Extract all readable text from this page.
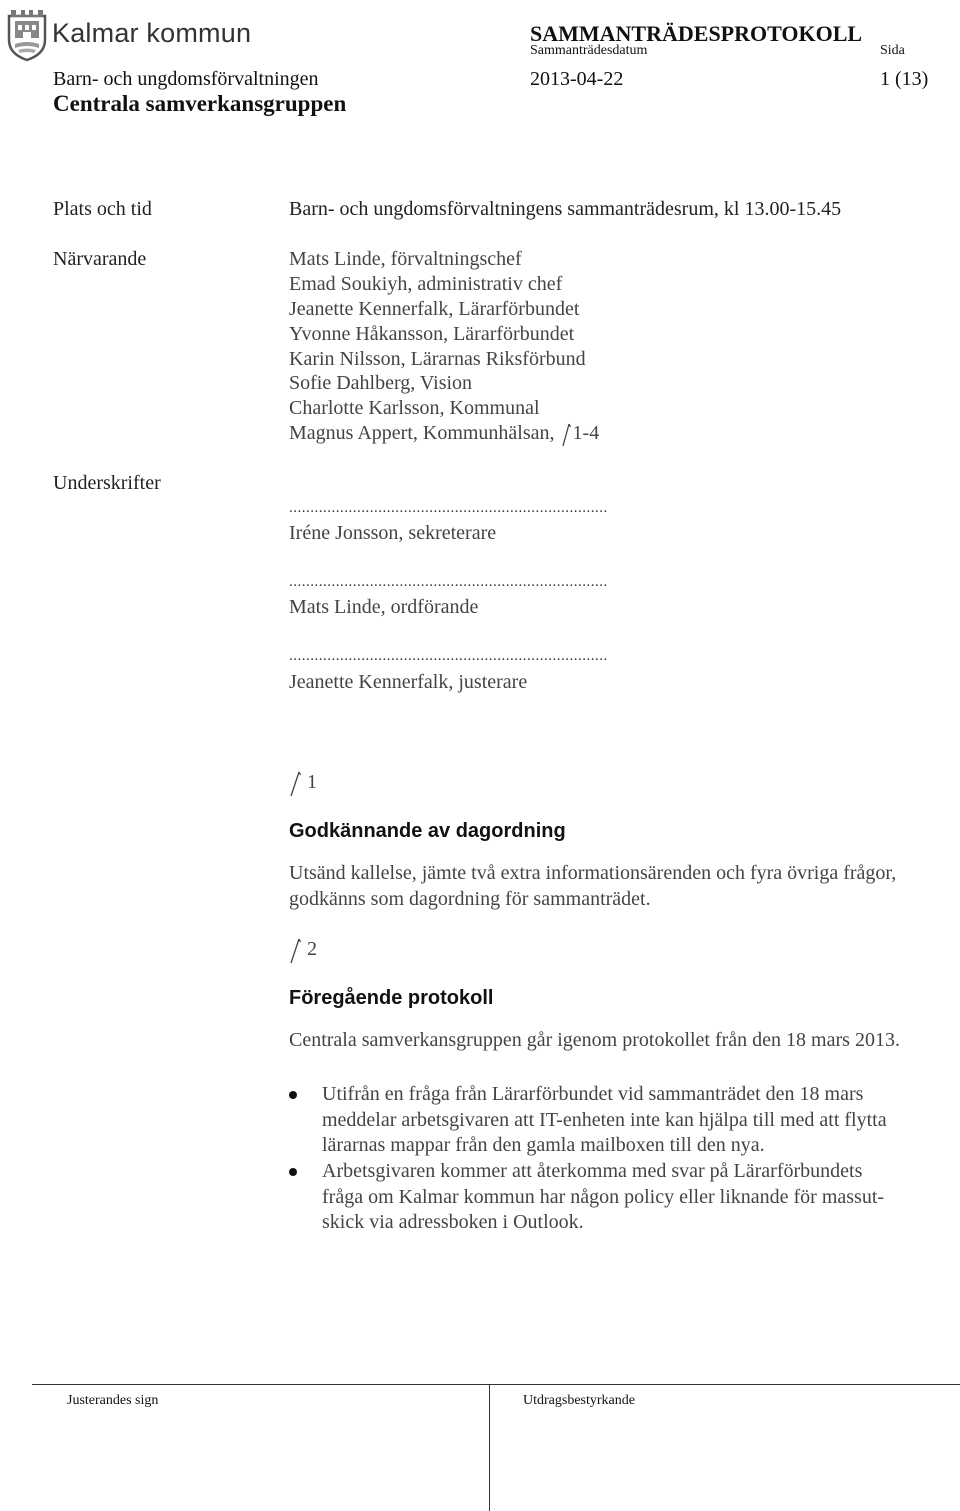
Kalmar kommun	SAMMANTRÄDESPROTOKOLL
Sammanträdesdatum	Sida
Barn- och ungdomsförvaltningen	2013-04-22	1 (13)
Centrala samverkansgruppen
Plats och tid	Barn- och ungdomsförvaltningens sammanträdesrum, kl 13.00-15.45
Närvarande	Mats Linde, förvaltningschef
Emad Soukiyh, administrativ chef
Jeanette Kennerfalk, Lärarförbundet
Yvonne Håkansson, Lärarförbundet
Karin Nilsson, Lärarnas Riksförbund
Sofie Dahlberg, Vision
Charlotte Karlsson, Kommunal
Magnus Appert, Kommunhälsan, 1-4
Underskrifter
...........................................................................
Iréne Jonsson, sekreterare
...........................................................................
Mats Linde, ordförande
...........................................................................
Jeanette Kennerfalk, justerare
1
Godkännande av dagordning
Utsänd kallelse, jämte två extra informationsärenden och fyra övriga frågor,
godkänns som dagordning för sammanträdet.
2
Föregående protokoll
Centrala samverkansgruppen går igenom protokollet från den 18 mars 2013.
Utifrån en fråga från Lärarförbundet vid sammanträdet den 18 mars
meddelar arbetsgivaren att IT-enheten inte kan hjälpa till med att flytta
lärarnas mappar från den gamla mailboxen till den nya.
Arbetsgivaren kommer att återkomma med svar på Lärarförbundets
fråga om Kalmar kommun har någon policy eller liknande för massut-
skick via adressboken i Outlook.
Justerandes sign	Utdragsbestyrkande
